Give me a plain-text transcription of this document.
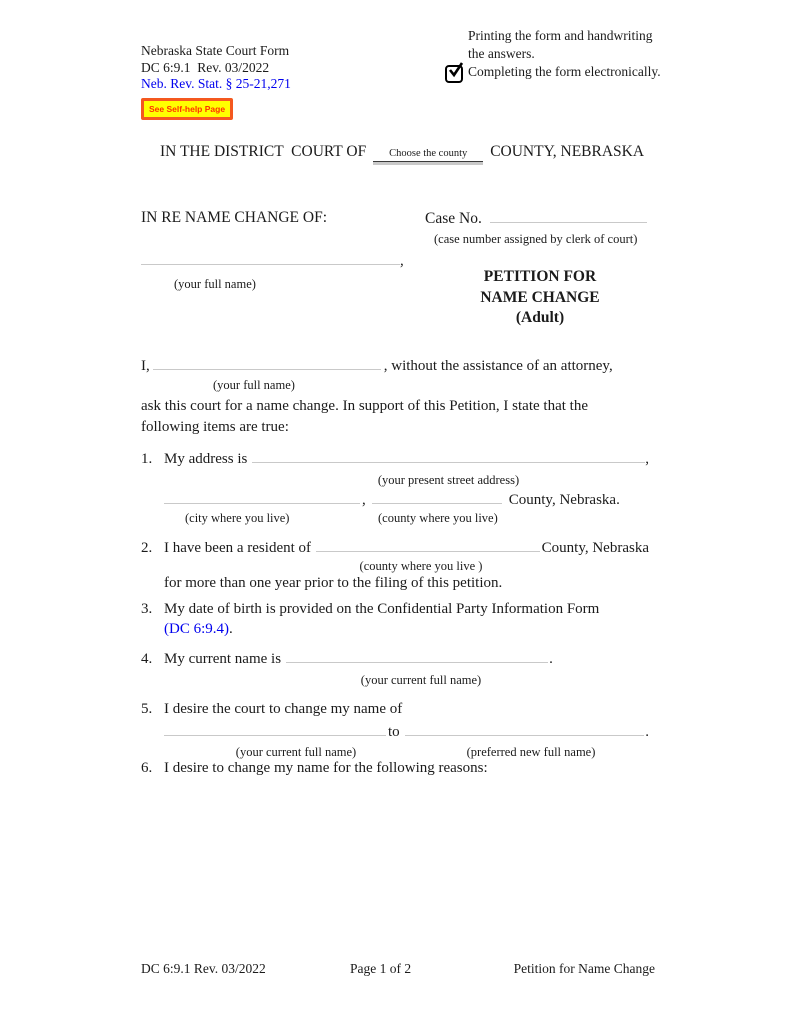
Nebraska State Court Form
DC 6:9.1  Rev. 03/2022
Neb. Rev. Stat. § 25-21,271
See Self-help Page
Printing the form and handwriting
the answers.
Completing the form electronically.
IN THE DISTRICT  COURT OF	Choose the county	COUNTY, NEBRASKA
IN RE NAME CHANGE OF:	Case No.
(case number assigned by clerk of court)
,
(your full name)	PETITION FOR
NAME CHANGE
(Adult)
I,	, without the assistance of an attorney,
(your full name)
ask this court for a name change. In support of this Petition, I state that the
following items are true:
1. My address is	,
(your present street address)
,	County, Nebraska.
(city where you live)	(county where you live)
2. I have been a resident of	County, Nebraska
(county where you live )
for more than one year prior to the filing of this petition.
3. My date of birth is provided on the Confidential Party Information Form
(DC 6:9.4).
4. My current name is	.
(your current full name)
5. I desire the court to change my name of
to	.
(your current full name)	(preferred new full name)
6. I desire to change my name for the following reasons:
DC 6:9.1 Rev. 03/2022	Page 1 of 2	Petition for Name Change
